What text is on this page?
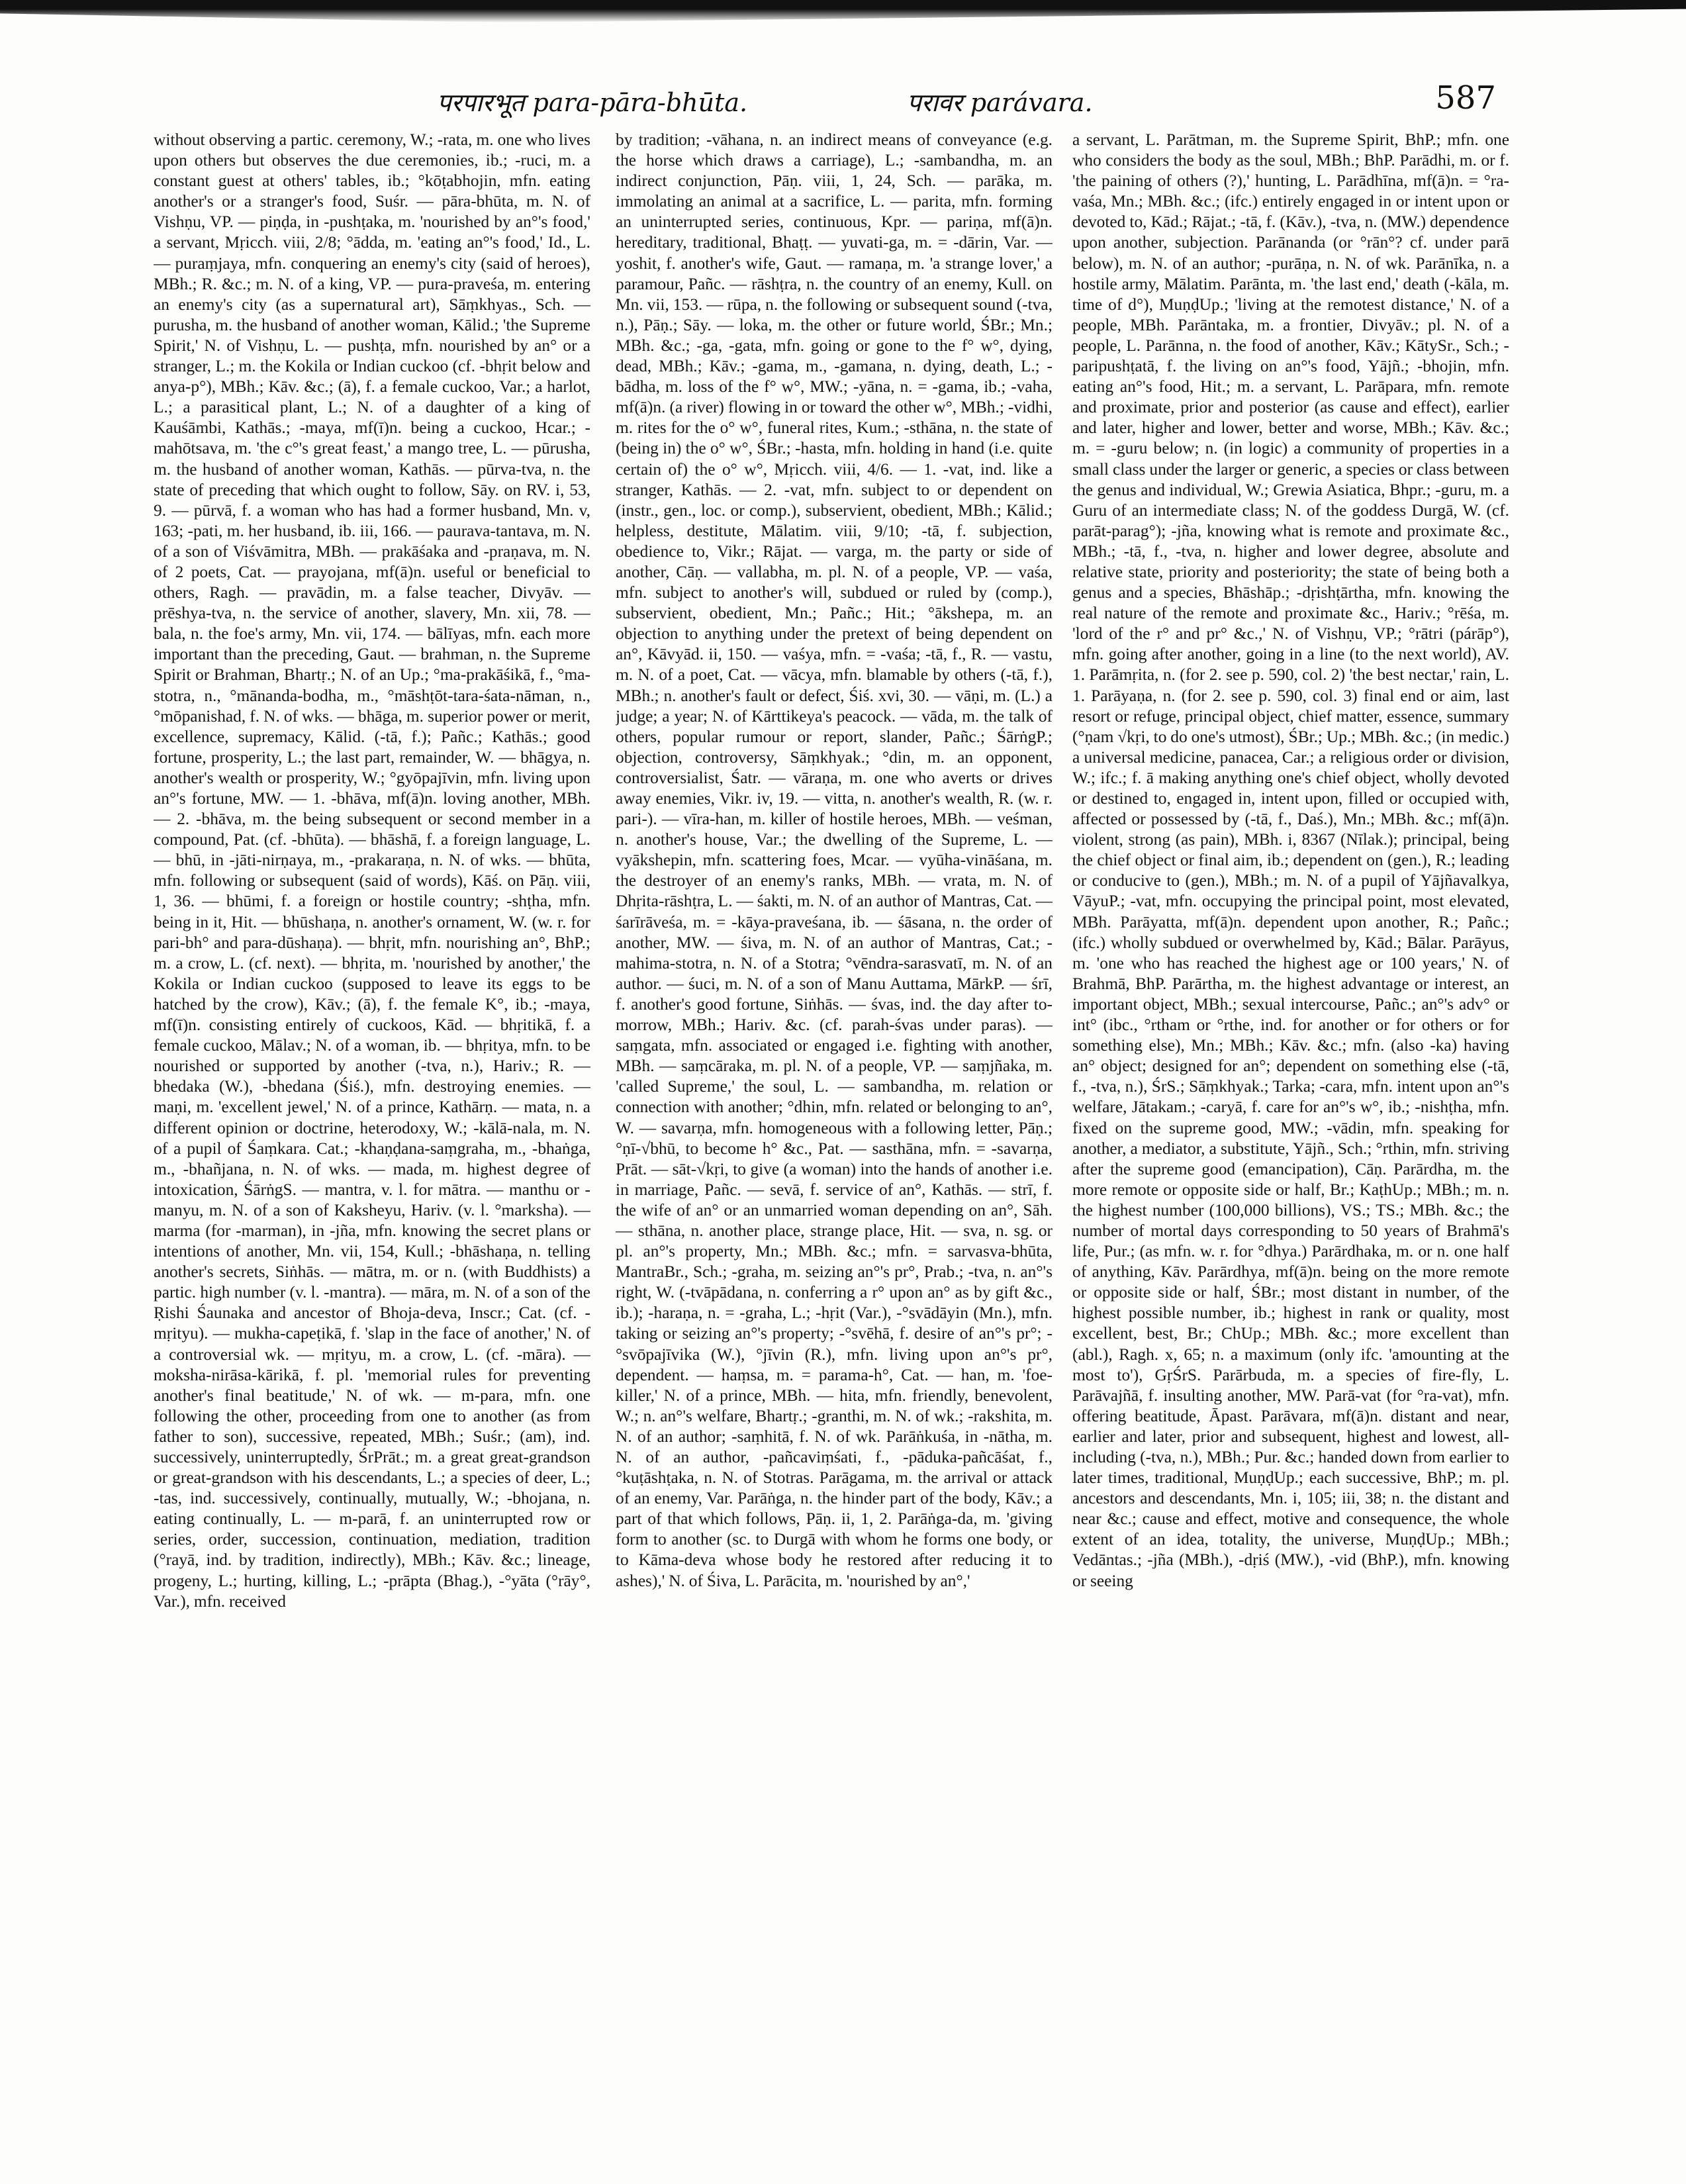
परपारभूत para-pāra-bhūta.	परावर parávara.	587

without observing a partic. ceremony, W.; -rata, m. one who lives upon others but observes the due ceremonies, ib.; -ruci, m. a constant guest at others' tables, ib.; °kōṭabhojin, mfn. eating another's or a stranger's food, Suśr. — pāra-bhūta, m. N. of Vishṇu, VP. — piṇḍa, in -pushṭaka, m. 'nourished by an°'s food,' a servant, Mṛicch. viii, 2/8; °ādda, m. 'eating an°'s food,' Id., L. — puraṃjaya, mfn. conquering an enemy's city (said of heroes), MBh.; R. &c.; m. N. of a king, VP. — pura-praveśa, m. entering an enemy's city (as a supernatural art), Sāṃkhyas., Sch. — purusha, m. the husband of another woman, Kālid.; 'the Supreme Spirit,' N. of Vishṇu, L. — pushṭa, mfn. nourished by an° or a stranger, L.; m. the Kokila or Indian cuckoo (cf. -bhṛit below and anya-p°), MBh.; Kāv. &c.; (ā), f. a female cuckoo, Var.; a harlot, L.; a parasitical plant, L.; N. of a daughter of a king of Kauśāmbi, Kathās.; -maya, mf(ī)n. being a cuckoo, Hcar.; -mahōtsava, m. 'the c°'s great feast,' a mango tree, L. — pūrusha, m. the husband of another woman, Kathās. — pūrva-tva, n. the state of preceding that which ought to follow, Sāy. on RV. i, 53, 9. — pūrvā, f. a woman who has had a former husband, Mn. v, 163; -pati, m. her husband, ib. iii, 166. — paurava-tantava, m. N. of a son of Viśvāmitra, MBh. — prakāśaka and -praṇava, m. N. of 2 poets, Cat. — prayojana, mf(ā)n. useful or beneficial to others, Ragh. — pravādin, m. a false teacher, Divyāv. — prēshya-tva, n. the service of another, slavery, Mn. xii, 78. — bala, n. the foe's army, Mn. vii, 174. — bālīyas, mfn. each more important than the preceding, Gaut. — brahman, n. the Supreme Spirit or Brahman, Bhartṛ.; N. of an Up.; °ma-prakāśikā, f., °ma-stotra, n., °mānanda-bodha, m., °māshṭōt-tara-śata-nāman, n., °mōpanishad, f. N. of wks. — bhāga, m. superior power or merit, excellence, supremacy, Kālid. (-tā, f.); Pañc.; Kathās.; good fortune, prosperity, L.; the last part, remainder, W. — bhāgya, n. another's wealth or prosperity, W.; °gyōpajīvin, mfn. living upon an°'s fortune, MW. — 1. -bhāva, mf(ā)n. loving another, MBh. — 2. -bhāva, m. the being subsequent or second member in a compound, Pat. (cf. -bhūta). — bhāshā, f. a foreign language, L. — bhū, in -jāti-nirṇaya, m., -prakaraṇa, n. N. of wks. — bhūta, mfn. following or subsequent (said of words), Kāś. on Pāṇ. viii, 1, 36. — bhūmi, f. a foreign or hostile country; -shṭha, mfn. being in it, Hit. — bhūshaṇa, n. another's ornament, W. (w. r. for pari-bh° and para-dūshaṇa). — bhṛit, mfn. nourishing an°, BhP.; m. a crow, L. (cf. next). — bhṛita, m. 'nourished by another,' the Kokila or Indian cuckoo (supposed to leave its eggs to be hatched by the crow), Kāv.; (ā), f. the female K°, ib.; -maya, mf(ī)n. consisting entirely of cuckoos, Kād. — bhṛitikā, f. a female cuckoo, Mālav.; N. of a woman, ib. — bhṛitya, mfn. to be nourished or supported by another (-tva, n.), Hariv.; R. — bhedaka (W.), -bhedana (Śiś.), mfn. destroying enemies. — maṇi, m. 'excellent jewel,' N. of a prince, Kathārṇ. — mata, n. a different opinion or doctrine, heterodoxy, W.; -kālā-nala, m. N. of a pupil of Śaṃkara. Cat.; -khaṇḍana-saṃgraha, m., -bhaṅga, m., -bhañjana, n. N. of wks. — mada, m. highest degree of intoxication, ŚārṅgS. — mantra, v. l. for mātra. — manthu or -manyu, m. N. of a son of Kaksheyu, Hariv. (v. l. °marksha). — marma (for -marman), in -jña, mfn. knowing the secret plans or intentions of another, Mn. vii, 154, Kull.; -bhāshaṇa, n. telling another's secrets, Siṅhās. — mātra, m. or n. (with Buddhists) a partic. high number (v. l. -mantra). — māra, m. N. of a son of the Ṛishi Śaunaka and ancestor of Bhoja-deva, Inscr.; Cat. (cf. -mṛityu). — mukha-capeṭikā, f. 'slap in the face of another,' N. of a controversial wk. — mṛityu, m. a crow, L. (cf. -māra). — moksha-nirāsa-kārikā, f. pl. 'memorial rules for preventing another's final beatitude,' N. of wk. — m-para, mfn. one following the other, proceeding from one to another (as from father to son), successive, repeated, MBh.; Suśr.; (am), ind. successively, uninterruptedly, ŚrPrāt.; m. a great great-grandson or great-grandson with his descendants, L.; a species of deer, L.; -tas, ind. successively, continually, mutually, W.; -bhojana, n. eating continually, L. — m-parā, f. an uninterrupted row or series, order, succession, continuation, mediation, tradition (°rayā, ind. by tradition, indirectly), MBh.; Kāv. &c.; lineage, progeny, L.; hurting, killing, L.; -prāpta (Bhag.), -°yāta (°rāy°, Var.), mfn. received

by tradition; -vāhana, n. an indirect means of conveyance (e.g. the horse which draws a carriage), L.; -sambandha, m. an indirect conjunction, Pāṇ. viii, 1, 24, Sch. — parāka, m. immolating an animal at a sacrifice, L. — parita, mfn. forming an uninterrupted series, continuous, Kpr. — pariṇa, mf(ā)n. hereditary, traditional, Bhaṭṭ. — yuvati-ga, m. = -dārin, Var. — yoshit, f. another's wife, Gaut. — ramaṇa, m. 'a strange lover,' a paramour, Pañc. — rāshṭra, n. the country of an enemy, Kull. on Mn. vii, 153. — rūpa, n. the following or subsequent sound (-tva, n.), Pāṇ.; Sāy. — loka, m. the other or future world, ŚBr.; Mn.; MBh. &c.; -ga, -gata, mfn. going or gone to the f° w°, dying, dead, MBh.; Kāv.; -gama, m., -gamana, n. dying, death, L.; -bādha, m. loss of the f° w°, MW.; -yāna, n. = -gama, ib.; -vaha, mf(ā)n. (a river) flowing in or toward the other w°, MBh.; -vidhi, m. rites for the o° w°, funeral rites, Kum.; -sthāna, n. the state of (being in) the o° w°, ŚBr.; -hasta, mfn. holding in hand (i.e. quite certain of) the o° w°, Mṛicch. viii, 4/6. — 1. -vat, ind. like a stranger, Kathās. — 2. -vat, mfn. subject to or dependent on (instr., gen., loc. or comp.), subservient, obedient, MBh.; Kālid.; helpless, destitute, Mālatim. viii, 9/10; -tā, f. subjection, obedience to, Vikr.; Rājat. — varga, m. the party or side of another, Cāṇ. — vallabha, m. pl. N. of a people, VP. — vaśa, mfn. subject to another's will, subdued or ruled by (comp.), subservient, obedient, Mn.; Pañc.; Hit.; °ākshepa, m. an objection to anything under the pretext of being dependent on an°, Kāvyād. ii, 150. — vaśya, mfn. = -vaśa; -tā, f., R. — vastu, m. N. of a poet, Cat. — vācya, mfn. blamable by others (-tā, f.), MBh.; n. another's fault or defect, Śiś. xvi, 30. — vāṇi, m. (L.) a judge; a year; N. of Kārttikeya's peacock. — vāda, m. the talk of others, popular rumour or report, slander, Pañc.; ŚārṅgP.; objection, controversy, Sāṃkhyak.; °din, m. an opponent, controversialist, Śatr. — vāraṇa, m. one who averts or drives away enemies, Vikr. iv, 19. — vitta, n. another's wealth, R. (w. r. pari-). — vīra-han, m. killer of hostile heroes, MBh. — veśman, n. another's house, Var.; the dwelling of the Supreme, L. — vyākshepin, mfn. scattering foes, Mcar. — vyūha-vināśana, m. the destroyer of an enemy's ranks, MBh. — vrata, m. N. of Dhṛita-rāshṭra, L. — śakti, m. N. of an author of Mantras, Cat. — śarīrāveśa, m. = -kāya-praveśana, ib. — śāsana, n. the order of another, MW. — śiva, m. N. of an author of Mantras, Cat.; -mahima-stotra, n. N. of a Stotra; °vēndra-sarasvatī, m. N. of an author. — śuci, m. N. of a son of Manu Auttama, MārkP. — śrī, f. another's good fortune, Siṅhās. — śvas, ind. the day after to-morrow, MBh.; Hariv. &c. (cf. parah-śvas under paras). — saṃgata, mfn. associated or engaged i.e. fighting with another, MBh. — saṃcāraka, m. pl. N. of a people, VP. — saṃjñaka, m. 'called Supreme,' the soul, L. — sambandha, m. relation or connection with another; °dhin, mfn. related or belonging to an°, W. — savarṇa, mfn. homogeneous with a following letter, Pāṇ.; °ṇī-√bhū, to become h° &c., Pat. — sasthāna, mfn. = -savarṇa, Prāt. — sāt-√kṛi, to give (a woman) into the hands of another i.e. in marriage, Pañc. — sevā, f. service of an°, Kathās. — strī, f. the wife of an° or an unmarried woman depending on an°, Sāh. — sthāna, n. another place, strange place, Hit. — sva, n. sg. or pl. an°'s property, Mn.; MBh. &c.; mfn. = sarvasva-bhūta, MantraBr., Sch.; -graha, m. seizing an°'s pr°, Prab.; -tva, n. an°'s right, W. (-tvāpādana, n. conferring a r° upon an° as by gift &c., ib.); -haraṇa, n. = -graha, L.; -hṛit (Var.), -°svādāyin (Mn.), mfn. taking or seizing an°'s property; -°svēhā, f. desire of an°'s pr°; -°svōpajīvika (W.), °jīvin (R.), mfn. living upon an°'s pr°, dependent. — haṃsa, m. = parama-h°, Cat. — han, m. 'foe-killer,' N. of a prince, MBh. — hita, mfn. friendly, benevolent, W.; n. an°'s welfare, Bhartṛ.; -granthi, m. N. of wk.; -rakshita, m. N. of an author; -saṃhitā, f. N. of wk. Parāṅkuśa, in -nātha, m. N. of an author, -pañcaviṃśati, f., -pāduka-pañcāśat, f., °kuṭāshṭaka, n. N. of Stotras. Parāgama, m. the arrival or attack of an enemy, Var. Parāṅga, n. the hinder part of the body, Kāv.; a part of that which follows, Pāṇ. ii, 1, 2. Parāṅga-da, m. 'giving form to another (sc. to Durgā with whom he forms one body, or to Kāma-deva whose body he restored after reducing it to ashes),' N. of Śiva, L. Parācita, m. 'nourished by an°,'

a servant, L. Parātman, m. the Supreme Spirit, BhP.; mfn. one who considers the body as the soul, MBh.; BhP. Parādhi, m. or f. 'the paining of others (?),' hunting, L. Parādhīna, mf(ā)n. = °ra-vaśa, Mn.; MBh. &c.; (ifc.) entirely engaged in or intent upon or devoted to, Kād.; Rājat.; -tā, f. (Kāv.), -tva, n. (MW.) dependence upon another, subjection. Parānanda (or °rān°? cf. under parā below), m. N. of an author; -purāṇa, n. N. of wk. Parānīka, n. a hostile army, Mālatim. Parānta, m. 'the last end,' death (-kāla, m. time of d°), MuṇḍUp.; 'living at the remotest distance,' N. of a people, MBh. Parāntaka, m. a frontier, Divyāv.; pl. N. of a people, L. Parānna, n. the food of another, Kāv.; KātySr., Sch.; -paripushṭatā, f. the living on an°'s food, Yājñ.; -bhojin, mfn. eating an°'s food, Hit.; m. a servant, L. Parāpara, mfn. remote and proximate, prior and posterior (as cause and effect), earlier and later, higher and lower, better and worse, MBh.; Kāv. &c.; m. = -guru below; n. (in logic) a community of properties in a small class under the larger or generic, a species or class between the genus and individual, W.; Grewia Asiatica, Bhpr.; -guru, m. a Guru of an intermediate class; N. of the goddess Durgā, W. (cf. parāt-parag°); -jña, knowing what is remote and proximate &c., MBh.; -tā, f., -tva, n. higher and lower degree, absolute and relative state, priority and posteriority; the state of being both a genus and a species, Bhāshāp.; -dṛishṭārtha, mfn. knowing the real nature of the remote and proximate &c., Hariv.; °rēśa, m. 'lord of the r° and pr° &c.,' N. of Vishṇu, VP.; °rātri (párāp°), mfn. going after another, going in a line (to the next world), AV. 1. Parāmṛita, n. (for 2. see p. 590, col. 2) 'the best nectar,' rain, L. 1. Parāyaṇa, n. (for 2. see p. 590, col. 3) final end or aim, last resort or refuge, principal object, chief matter, essence, summary (°ṇam √kṛi, to do one's utmost), ŚBr.; Up.; MBh. &c.; (in medic.) a universal medicine, panacea, Car.; a religious order or division, W.; ifc.; f. ā making anything one's chief object, wholly devoted or destined to, engaged in, intent upon, filled or occupied with, affected or possessed by (-tā, f., Daś.), Mn.; MBh. &c.; mf(ā)n. violent, strong (as pain), MBh. i, 8367 (Nīlak.); principal, being the chief object or final aim, ib.; dependent on (gen.), R.; leading or conducive to (gen.), MBh.; m. N. of a pupil of Yājñavalkya, VāyuP.; -vat, mfn. occupying the principal point, most elevated, MBh. Parāyatta, mf(ā)n. dependent upon another, R.; Pañc.; (ifc.) wholly subdued or overwhelmed by, Kād.; Bālar. Parāyus, m. 'one who has reached the highest age or 100 years,' N. of Brahmā, BhP. Parārtha, m. the highest advantage or interest, an important object, MBh.; sexual intercourse, Pañc.; an°'s adv° or int° (ibc., °rtham or °rthe, ind. for another or for others or for something else), Mn.; MBh.; Kāv. &c.; mfn. (also -ka) having an° object; designed for an°; dependent on something else (-tā, f., -tva, n.), ŚrS.; Sāṃkhyak.; Tarka; -cara, mfn. intent upon an°'s welfare, Jātakam.; -caryā, f. care for an°'s w°, ib.; -nishṭha, mfn. fixed on the supreme good, MW.; -vādin, mfn. speaking for another, a mediator, a substitute, Yājñ., Sch.; °rthin, mfn. striving after the supreme good (emancipation), Cāṇ. Parārdha, m. the more remote or opposite side or half, Br.; KaṭhUp.; MBh.; m. n. the highest number (100,000 billions), VS.; TS.; MBh. &c.; the number of mortal days corresponding to 50 years of Brahmā's life, Pur.; (as mfn. w. r. for °dhya.) Parārdhaka, m. or n. one half of anything, Kāv. Parārdhya, mf(ā)n. being on the more remote or opposite side or half, ŚBr.; most distant in number, of the highest possible number, ib.; highest in rank or quality, most excellent, best, Br.; ChUp.; MBh. &c.; more excellent than (abl.), Ragh. x, 65; n. a maximum (only ifc. 'amounting at the most to'), GṛŚrS. Parārbuda, m. a species of fire-fly, L. Parāvajñā, f. insulting another, MW. Parā-vat (for °ra-vat), mfn. offering beatitude, Āpast. Parāvara, mf(ā)n. distant and near, earlier and later, prior and subsequent, highest and lowest, all-including (-tva, n.), MBh.; Pur. &c.; handed down from earlier to later times, traditional, MuṇḍUp.; each successive, BhP.; m. pl. ancestors and descendants, Mn. i, 105; iii, 38; n. the distant and near &c.; cause and effect, motive and consequence, the whole extent of an idea, totality, the universe, MuṇḍUp.; MBh.; Vedāntas.; -jña (MBh.), -dṛiś (MW.), -vid (BhP.), mfn. knowing or seeing
